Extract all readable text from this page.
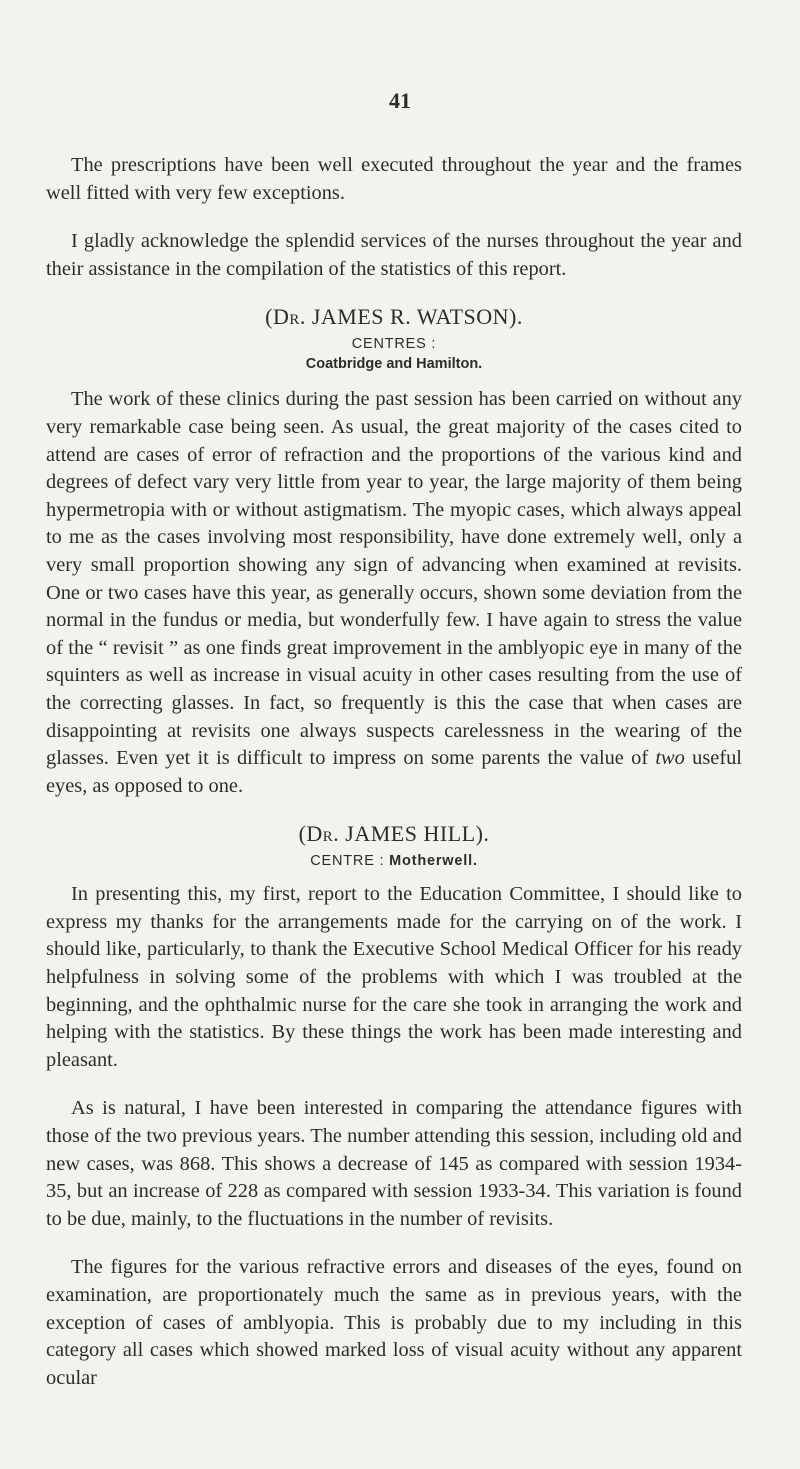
41

The prescriptions have been well executed throughout the year and the frames well fitted with very few exceptions.

I gladly acknowledge the splendid services of the nurses throughout the year and their assistance in the compilation of the statistics of this report.

(Dr. JAMES R. WATSON).
CENTRES :
Coatbridge and Hamilton.

The work of these clinics during the past session has been carried on without any very remarkable case being seen. As usual, the great majority of the cases cited to attend are cases of error of refraction and the proportions of the various kind and degrees of defect vary very little from year to year, the large majority of them being hypermetropia with or without astigmatism. The myopic cases, which always appeal to me as the cases involving most responsibility, have done extremely well, only a very small proportion showing any sign of advancing when examined at revisits. One or two cases have this year, as generally occurs, shown some deviation from the normal in the fundus or media, but wonderfully few. I have again to stress the value of the “ revisit ” as one finds great improvement in the amblyopic eye in many of the squinters as well as increase in visual acuity in other cases resulting from the use of the correcting glasses. In fact, so frequently is this the case that when cases are disappointing at revisits one always suspects carelessness in the wearing of the glasses. Even yet it is difficult to impress on some parents the value of two useful eyes, as opposed to one.

(Dr. JAMES HILL).
CENTRE : Motherwell.

In presenting this, my first, report to the Education Committee, I should like to express my thanks for the arrangements made for the carrying on of the work. I should like, particularly, to thank the Executive School Medical Officer for his ready helpfulness in solving some of the problems with which I was troubled at the beginning, and the ophthalmic nurse for the care she took in arranging the work and helping with the statistics. By these things the work has been made interesting and pleasant.

As is natural, I have been interested in comparing the attendance figures with those of the two previous years. The number attending this session, including old and new cases, was 868. This shows a decrease of 145 as compared with session 1934-35, but an increase of 228 as compared with session 1933-34. This variation is found to be due, mainly, to the fluctuations in the number of revisits.

The figures for the various refractive errors and diseases of the eyes, found on examination, are proportionately much the same as in previous years, with the exception of cases of amblyopia. This is probably due to my including in this category all cases which showed marked loss of visual acuity without any apparent ocular
